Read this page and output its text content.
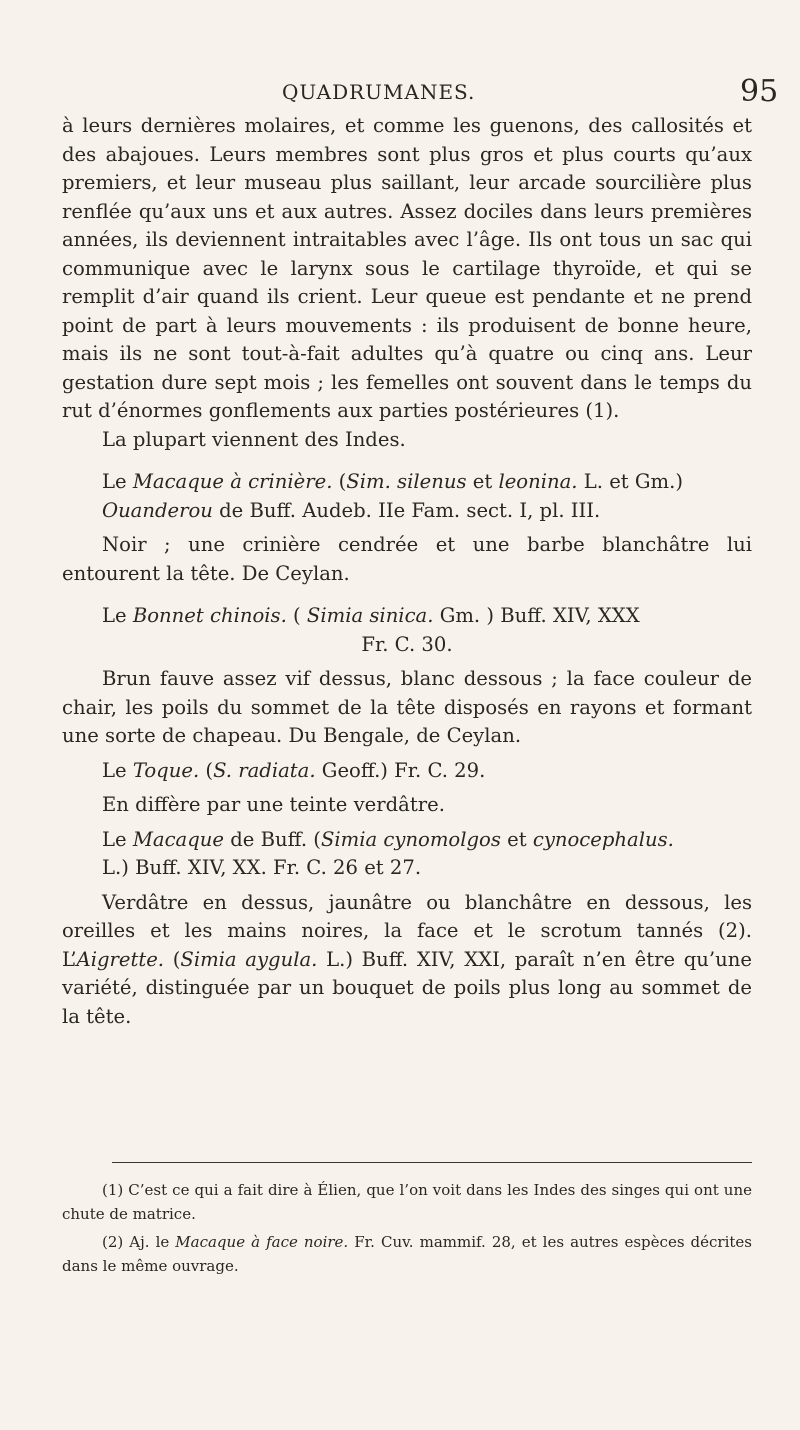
QUADRUMANES.	95

à leurs dernières molaires, et comme les guenons, des callosités et des abajoues. Leurs membres sont plus gros et plus courts qu’aux premiers, et leur museau plus saillant, leur arcade sourcilière plus renflée qu’aux uns et aux autres. Assez dociles dans leurs premières années, ils deviennent intraitables avec l’âge. Ils ont tous un sac qui communique avec le larynx sous le cartilage thyroïde, et qui se remplit d’air quand ils crient. Leur queue est pendante et ne prend point de part à leurs mouvements : ils produisent de bonne heure, mais ils ne sont tout-à-fait adultes qu’à quatre ou cinq ans. Leur gestation dure sept mois ; les femelles ont souvent dans le temps du rut d’énormes gonflements aux parties postérieures (1).

La plupart viennent des Indes.

Le Macaque à crinière. (Sim. silenus et leonina. L. et Gm.)

Ouanderou de Buff. Audeb. IIe Fam. sect. I, pl. III.

Noir ; une crinière cendrée et une barbe blanchâtre lui entourent la tête. De Ceylan.

Le Bonnet chinois. ( Simia sinica. Gm. ) Buff. XIV, XXX

Fr. C. 30.

Brun fauve assez vif dessus, blanc dessous ; la face couleur de chair, les poils du sommet de la tête disposés en rayons et formant une sorte de chapeau. Du Bengale, de Ceylan.

Le Toque. (S. radiata. Geoff.) Fr. C. 29.

En diffère par une teinte verdâtre.

Le Macaque de Buff. (Simia cynomolgos et cynocephalus.

L.) Buff. XIV, XX. Fr. C. 26 et 27.

Verdâtre en dessus, jaunâtre ou blanchâtre en dessous, les oreilles et les mains noires, la face et le scrotum tannés (2). L’Aigrette. (Simia aygula. L.) Buff. XIV, XXI, paraît n’en être qu’une variété, distinguée par un bouquet de poils plus long au sommet de la tête.

(1) C’est ce qui a fait dire à Élien, que l’on voit dans les Indes des singes qui ont une chute de matrice.

(2) Aj. le Macaque à face noire. Fr. Cuv. mammif. 28, et les autres espèces décrites dans le même ouvrage.
